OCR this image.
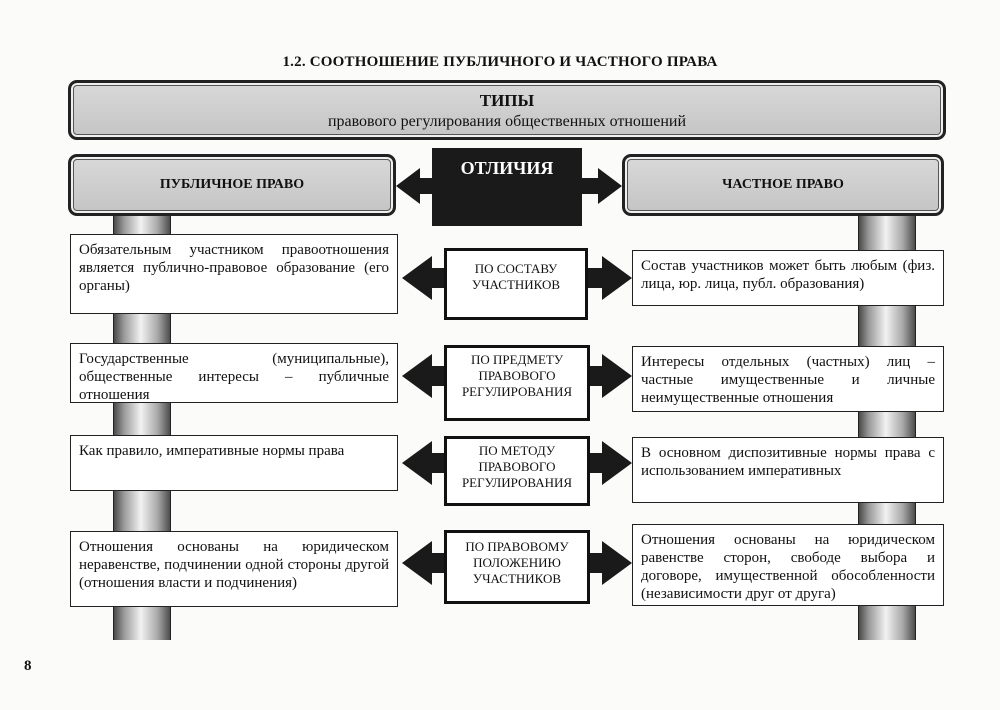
1.2. СООТНОШЕНИЕ ПУБЛИЧНОГО И ЧАСТНОГО ПРАВА
ТИПЫ
правового регулирования общественных отношений
ПУБЛИЧНОЕ ПРАВО	ЧАСТНОЕ ПРАВО
ОТЛИЧИЯ
Обязательным участником правоотношения является публично-правовое образование (его органы)
ПО СОСТАВУ УЧАСТНИКОВ
Состав участников может быть любым (физ. лица, юр. лица, публ. образования)
Государственные (муниципальные), общественные интересы – публичные отношения
ПО ПРЕДМЕТУ ПРАВОВОГО РЕГУЛИРОВАНИЯ
Интересы отдельных (частных) лиц – частные имущественные и личные неимущественные отношения
Как правило, императивные нормы права	ПО МЕТОДУ ПРАВОВОГО РЕГУЛИРОВАНИЯ
В основном диспозитивные нормы права с использованием императивных
Отношения основаны на юридическом неравенстве, подчинении одной стороны другой (отношения власти и подчинения)
ПО ПРАВОВОМУ ПОЛОЖЕНИЮ УЧАСТНИКОВ
Отношения основаны на юридическом равенстве сторон, свободе выбора и договоре, имущественной обособленности (независимости друг от друга)
8
